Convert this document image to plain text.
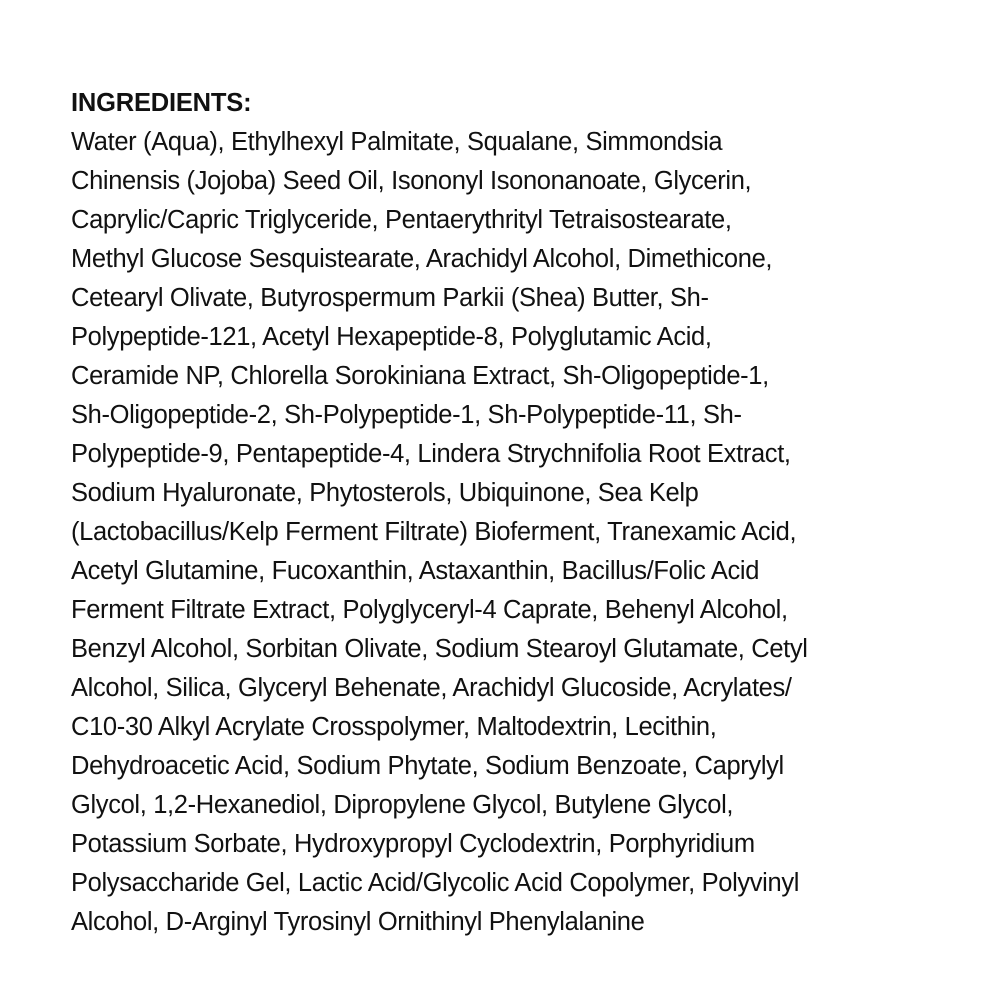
INGREDIENTS:
Water (Aqua), Ethylhexyl Palmitate, Squalane, Simmondsia
Chinensis (Jojoba) Seed Oil, Isononyl Isononanoate, Glycerin,
Caprylic/Capric Triglyceride, Pentaerythrityl Tetraisostearate,
Methyl Glucose Sesquistearate, Arachidyl Alcohol, Dimethicone,
Cetearyl Olivate, Butyrospermum Parkii (Shea) Butter, Sh-
Polypeptide-121, Acetyl Hexapeptide-8, Polyglutamic Acid,
Ceramide NP, Chlorella Sorokiniana Extract, Sh-Oligopeptide-1,
Sh-Oligopeptide-2, Sh-Polypeptide-1, Sh-Polypeptide-11, Sh-
Polypeptide-9, Pentapeptide-4, Lindera Strychnifolia Root Extract,
Sodium Hyaluronate, Phytosterols, Ubiquinone, Sea Kelp
(Lactobacillus/Kelp Ferment Filtrate) Bioferment, Tranexamic Acid,
Acetyl Glutamine, Fucoxanthin, Astaxanthin, Bacillus/Folic Acid
Ferment Filtrate Extract, Polyglyceryl-4 Caprate, Behenyl Alcohol,
Benzyl Alcohol, Sorbitan Olivate, Sodium Stearoyl Glutamate, Cetyl
Alcohol, Silica, Glyceryl Behenate, Arachidyl Glucoside, Acrylates/
C10-30 Alkyl Acrylate Crosspolymer, Maltodextrin, Lecithin,
Dehydroacetic Acid, Sodium Phytate, Sodium Benzoate, Caprylyl
Glycol, 1,2-Hexanediol, Dipropylene Glycol, Butylene Glycol,
Potassium Sorbate, Hydroxypropyl Cyclodextrin, Porphyridium
Polysaccharide Gel, Lactic Acid/Glycolic Acid Copolymer, Polyvinyl
Alcohol, D-Arginyl Tyrosinyl Ornithinyl Phenylalanine
